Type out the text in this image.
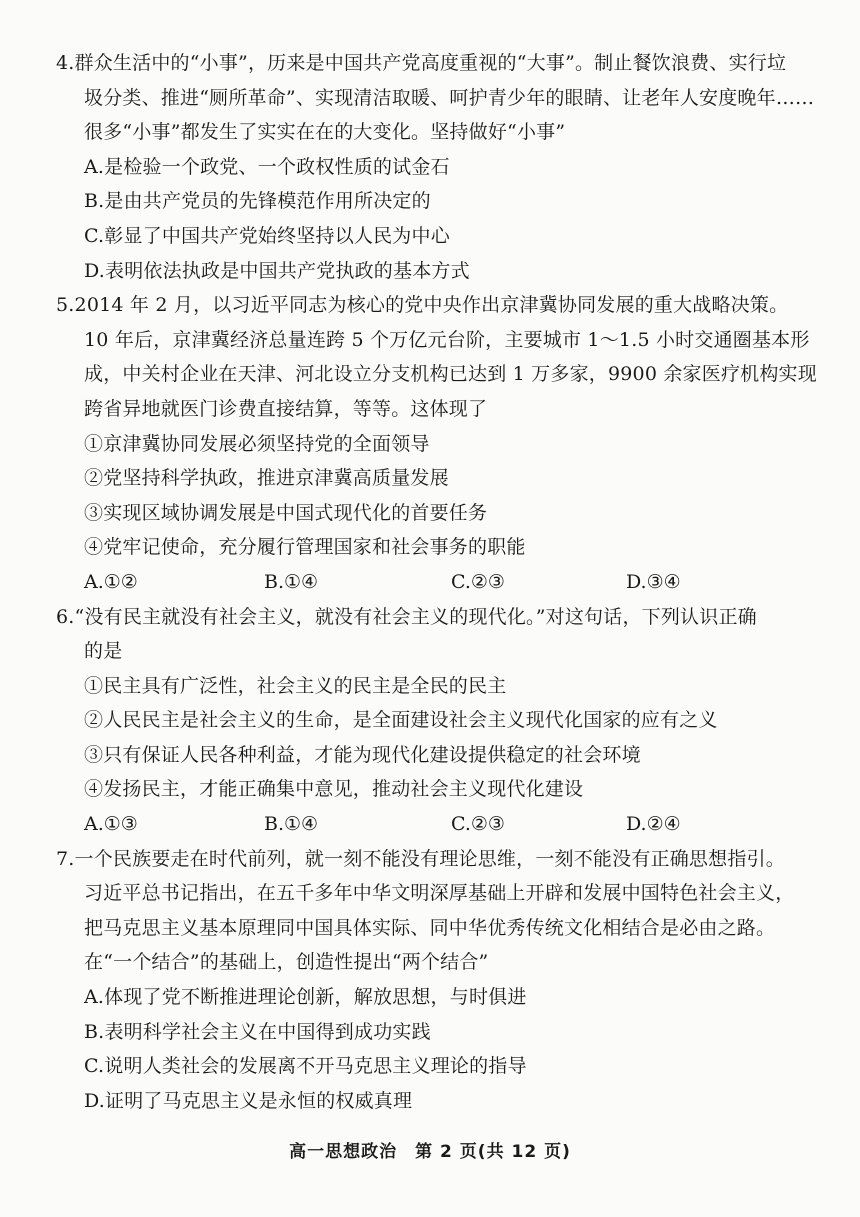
4.群众生活中的“小事”，历来是中国共产党高度重视的“大事”。制止餐饮浪费、实行垃
圾分类、推进“厕所革命”、实现清洁取暖、呵护青少年的眼睛、让老年人安度晚年……
很多“小事”都发生了实实在在的大变化。坚持做好“小事”
A.是检验一个政党、一个政权性质的试金石
B.是由共产党员的先锋模范作用所决定的
C.彰显了中国共产党始终坚持以人民为中心
D.表明依法执政是中国共产党执政的基本方式
5.2014 年 2 月，以习近平同志为核心的党中央作出京津冀协同发展的重大战略决策。
10 年后，京津冀经济总量连跨 5 个万亿元台阶，主要城市 1～1.5 小时交通圈基本形
成，中关村企业在天津、河北设立分支机构已达到 1 万多家，9900 余家医疗机构实现
跨省异地就医门诊费直接结算，等等。这体现了
①京津冀协同发展必须坚持党的全面领导
②党坚持科学执政，推进京津冀高质量发展
③实现区域协调发展是中国式现代化的首要任务
④党牢记使命，充分履行管理国家和社会事务的职能
A.①②	B.①④	C.②③	D.③④
6.“没有民主就没有社会主义，就没有社会主义的现代化。”对这句话，下列认识正确
的是
①民主具有广泛性，社会主义的民主是全民的民主
②人民民主是社会主义的生命，是全面建设社会主义现代化国家的应有之义
③只有保证人民各种利益，才能为现代化建设提供稳定的社会环境
④发扬民主，才能正确集中意见，推动社会主义现代化建设
A.①③	B.①④	C.②③	D.②④
7.一个民族要走在时代前列，就一刻不能没有理论思维，一刻不能没有正确思想指引。
习近平总书记指出，在五千多年中华文明深厚基础上开辟和发展中国特色社会主义，
把马克思主义基本原理同中国具体实际、同中华优秀传统文化相结合是必由之路。
在“一个结合”的基础上，创造性提出“两个结合”
A.体现了党不断推进理论创新，解放思想，与时俱进
B.表明科学社会主义在中国得到成功实践
C.说明人类社会的发展离不开马克思主义理论的指导
D.证明了马克思主义是永恒的权威真理
高一思想政治　第 2 页(共 12 页)
